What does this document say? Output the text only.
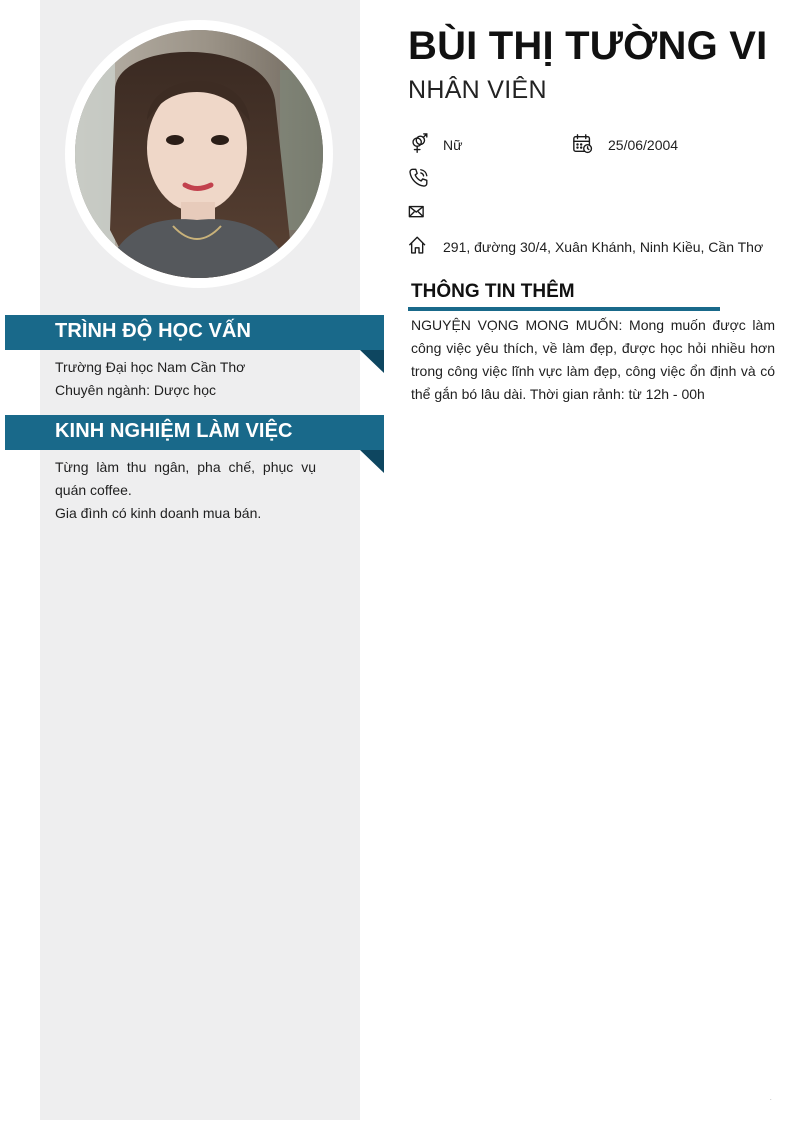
TRÌNH ĐỘ HỌC VẤN

Trường Đại học Nam Cần Thơ

Chuyên ngành: Dược học

KINH NGHIỆM LÀM VIỆC

Từng làm thu ngân, pha chế, phục vụ quán coffee.

Gia đình có kinh doanh mua bán.

BÙI THỊ TƯỜNG VI
NHÂN VIÊN
Nữ	25/06/2004
291, đường 30/4, Xuân Khánh, Ninh Kiều, Cần Thơ
THÔNG TIN THÊM
NGUYỆN VỌNG MONG MUỐN: Mong muốn được làm công việc yêu thích, về làm đẹp, được học hỏi nhiều hơn trong công việc lĩnh vực làm đẹp, công việc ổn định và có thể gắn bó lâu dài. Thời gian rảnh: từ 12h - 00h
.
